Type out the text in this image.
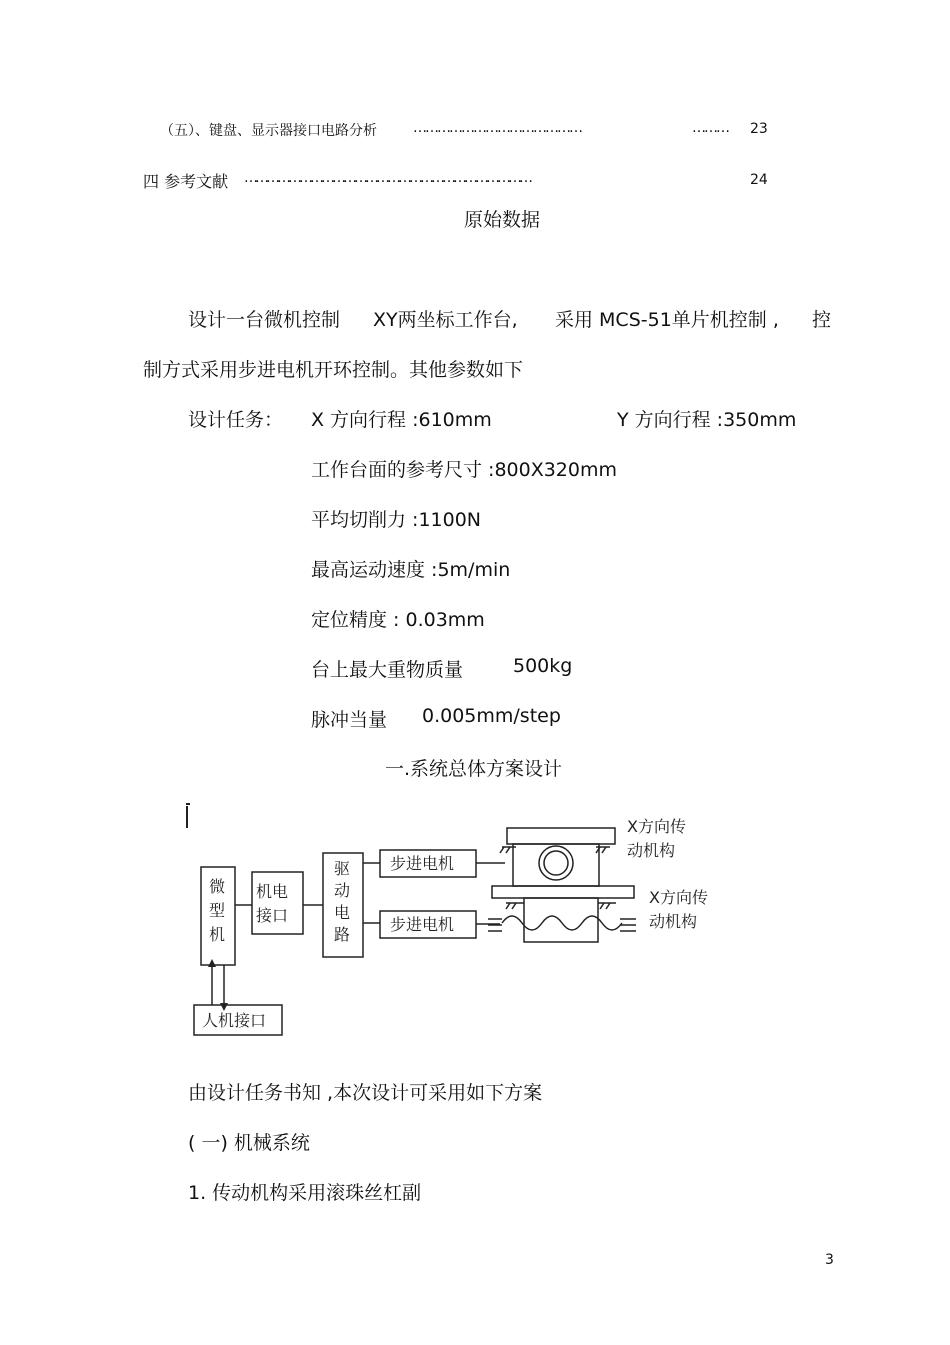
（五）、键盘、显示器接口电路分析	……………………………………	……… 23
四 参考文献 ……………………………………………………………………	24
原始数据
设计一台微机控制 XY两坐标工作台, 采用 MCS-51单片机控制 , 控
制方式采用步进电机开环控制。其他参数如下
设计任务： X 方向行程 :610mm	Y 方向行程 :350mm
工作台面的参考尺寸 :800X320mm
平均切削力 :1100N
最高运动速度 :5m/min
定位精度 : 0.03mm
台上最大重物质量	500kg
脉冲当量 0.005mm/step
一.系统总体方案设计
微
型
机
机电
接口
驱
动
电
路
步进电机
步进电机
人机接口
X方向传
动机构
X方向传
动机构
由设计任务书知 ,本次设计可采用如下方案
( 一) 机械系统
1. 传动机构采用滚珠丝杠副
3
